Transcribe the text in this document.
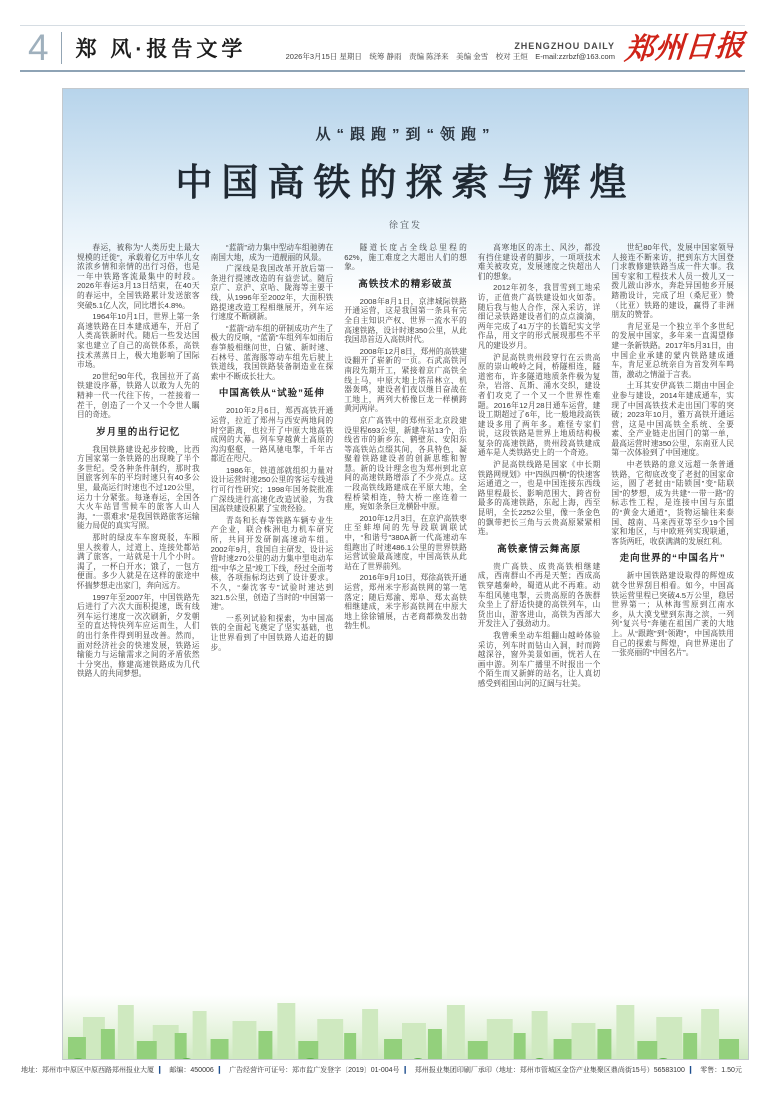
4	郑 风·报告文学	ZHENGZHOU DAILY
2026年3月15日 星期日　统筹 静雨　责编 陈泽来　美编 金雪　校对 王烜　E-mail:zzrbzf@163.com 郑州日报
从“跟跑”到“领跑”
中国高铁的探索与辉煌
徐宜发

春运，被称为“人类历史上最大规模的迁徙”，承载着亿万中华儿女浓浓乡情和亲情的出行习俗，也是一年中铁路客流最集中的时段。2026年春运3月13日结束，在40天的春运中，全国铁路累计发送旅客突破5.1亿人次，同比增长4.8%。

1964年10月1日，世界上第一条高速铁路在日本建成通车，开启了人类高铁新时代。随后一些发达国家也建立了自己的高铁体系，高铁技术蒸蒸日上，极大地影响了国际市场。

20世纪90年代，我国拉开了高铁建设序幕，铁路人以敢为人先的精神一代一代往下传，一茬接着一茬干，创造了一个又一个令世人瞩目的奇迹。

岁月里的出行记忆

我国铁路建设起步较晚，比西方国家第一条铁路的出现晚了半个多世纪。受各种条件制约，那时我国旅客列车的平均时速只有40多公里，最高运行时速也不过120公里，运力十分紧张。每逢春运，全国各大火车站冒雪候车的旅客人山人海，“一票难求”是我国铁路旅客运输能力局促的真实写照。

那时的绿皮车车窗斑驳，车厢里人挨着人，过道上、连接处都站满了旅客，一站就是十几个小时。渴了，一杯白开水；饿了，一包方便面。多少人就是在这样的旅途中怀揣梦想走出家门，奔向远方。

1997年至2007年，中国铁路先后进行了六次大面积提速，既有线列车运行速度一次次刷新，夕发朝至的直达特快列车应运而生，人们的出行条件得到明显改善。然而，面对经济社会的快速发展，铁路运输能力与运输需求之间的矛盾依然十分突出，修建高速铁路成为几代铁路人的共同梦想。

“蓝箭”动力集中型动车组驰骋在南国大地，成为一道靓丽的风景。

广深线是我国改革开放后第一条进行提速改造的有益尝试。随后京广、京沪、京哈、陇海等主要干线，从1996年至2002年，大面积铁路提速改造工程相继展开，列车运行速度不断刷新。

“蓝箭”动车组的研制成功产生了极大的反响，“蓝箭”车组列车如雨后春笋般相继问世，白鲨、新时速、石林号、蓝海豚等动车组先后驶上铁道线，我国铁路装备制造业在探索中不断成长壮大。

中国高铁从“试验”延伸

2010年2月6日，郑西高铁开通运营，拉近了郑州与西安两地间的时空距离，也拉开了中原大地高铁成网的大幕。列车穿越黄土高原的沟沟壑壑，一路风驰电掣，千年古都近在咫尺。

1986年，铁道部就组织力量对设计运营时速250公里的客运专线进行可行性研究；1998年国务院批准广深线进行高速化改造试验，为我国高铁建设积累了宝贵经验。

青岛和长春等铁路车辆专业生产企业，联合株洲电力机车研究所，共同开发研制高速动车组。2002年9月，我国自主研发、设计运营时速270公里的动力集中型电动车组“中华之星”竣工下线，经过全面考核，各项指标均达到了设计要求。不久，“秦沈客专”试验时速达到321.5公里，创造了当时的“中国第一速”。

一系列试验和探索，为中国高铁的全面起飞奠定了坚实基础，也让世界看到了中国铁路人追赶的脚步。

隧道长度占全线总里程的62%，施工难度之大超出人们的想象。

高铁技术的精彩破茧

2008年8月1日，京津城际铁路开通运营，这是我国第一条具有完全自主知识产权、世界一流水平的高速铁路，设计时速350公里，从此我国昂首迈入高铁时代。

2008年12月8日，郑州的高铁建设翻开了崭新的一页。石武高铁河南段先期开工，紧接着京广高铁全线上马，中原大地上塔吊林立、机器轰鸣，建设者们夜以继日奋战在工地上，两列大桥像巨龙一样横跨黄河两岸。

京广高铁中的郑州至北京段建设里程693公里，新建车站13个，沿线省市的新乡东、鹤壁东、安阳东等高铁站点缀其间，各具特色，凝聚着铁路建设者的创新思维和智慧。新的设计理念也为郑州到北京间的高速铁路增添了不少亮点。这一段高铁线路建成在平原大地，全程桥梁相连，特大桥一座连着一座，宛如条条巨龙横卧中原。

2010年12月3日，在京沪高铁枣庄至蚌埠间的先导段联调联试中，“和谐号”380A新一代高速动车组跑出了时速486.1公里的世界铁路运营试验最高速度，中国高铁从此站在了世界前列。

2016年9月10日，郑徐高铁开通运营，郑州米字形高铁网的第一笔落定；随后郑渝、郑阜、郑太高铁相继建成，米字形高铁网在中原大地上徐徐铺展，古老商都焕发出勃勃生机。

高寒地区的冻土、风沙，都没有挡住建设者的脚步，一项项技术难关被攻克，发展速度之快超出人们的想象。

2012年初冬，我冒雪到工地采访，正值贵广高铁建设如火如荼。随后我与他人合作，深入采访，详细记录铁路建设者们的点点滴滴，两年完成了41万字的长篇纪实文学作品，用文字的形式展现那些不平凡的建设岁月。

沪昆高铁贵州段穿行在云贵高原的崇山峻岭之间，桥隧相连，隧道密布，许多隧道地质条件极为复杂，岩溶、瓦斯、涌水交织，建设者们攻克了一个又一个世界性难题。2016年12月28日通车运营，建设工期超过了6年，比一般地段高铁建设多用了两年多。难怪专家们说，这段铁路是世界上地质结构极复杂的高速铁路，贵州段高铁建成通车是人类铁路史上的一个奇迹。

沪昆高铁线路是国家《中长期铁路网规划》中“四纵四横”的快速客运通道之一，也是中国连接东西线路里程最长、影响范围大、跨省份最多的高速铁路，东起上海，西至昆明，全长2252公里，像一条金色的飘带把长三角与云贵高原紧紧相连。

高铁豪情云舞高原

贵广高铁、成贵高铁相继建成，西南群山不再是天堑；西成高铁穿越秦岭，蜀道从此不再难。动车组风驰电掣，云贵高原的各族群众坐上了舒适快捷的高铁列车，山货出山，游客进山，高铁为西部大开发注入了强劲动力。

我曾乘坐动车组翻山越岭体验采访，列车时而钻山入洞，时而跨越深谷，窗外美景如画，恍若人在画中游。列车广播里不时报出一个个陌生而又新鲜的站名，让人真切感受到祖国山河的辽阔与壮美。

世纪80年代，发展中国家领导人接连不断来访，把到东方大国登门求教修建铁路当成一件大事。我国专家和工程技术人员一拨儿又一拨儿跋山涉水，奔赴异国他乡开展踏勘设计，完成了坦（桑尼亚）赞（比亚）铁路的建设，赢得了非洲朋友的赞誉。

肯尼亚是一个独立半个多世纪的发展中国家，多年来一直渴望修建一条新铁路。2017年5月31日，由中国企业承建的蒙内铁路建成通车，肯尼亚总统亲自为首发列车鸣笛，激动之情溢于言表。

土耳其安伊高铁二期由中国企业参与建设，2014年建成通车，实现了中国高铁技术走出国门零的突破；2023年10月，雅万高铁开通运营，这是中国高铁全系统、全要素、全产业链走出国门的第一单，最高运营时速350公里，东南亚人民第一次体验到了中国速度。

中老铁路的意义远超一条普通铁路，它彻底改变了老挝的国家命运，圆了老挝由“陆锁国”变“陆联国”的梦想，成为共建“一带一路”的标志性工程，是连接中国与东盟的“黄金大通道”，货物运输往来泰国、越南、马来西亚等至少19个国家和地区，与中欧班列实现联通，客货两旺，收获满满的发展红利。

走向世界的“中国名片”

新中国铁路建设取得的辉煌成就令世界刮目相看。如今，中国高铁运营里程已突破4.5万公里，稳居世界第一；从林海雪原到江南水乡，从大漠戈壁到东海之滨，一列列“复兴号”奔驰在祖国广袤的大地上。从“跟跑”到“领跑”，中国高铁用自己的探索与辉煌，向世界递出了一张亮丽的“中国名片”。

地址：郑州市中原区中原西路郑州报业大厦 ▎ 邮编：450006 ▎ 广告经营许可证号：郑市监广发登字〔2019〕01-004号 ▎ 郑州报业集团印刷厂承印（地址：郑州市管城区金岱产业集聚区鼎尚街15号）56583100 ▎ 零售：1.50元
